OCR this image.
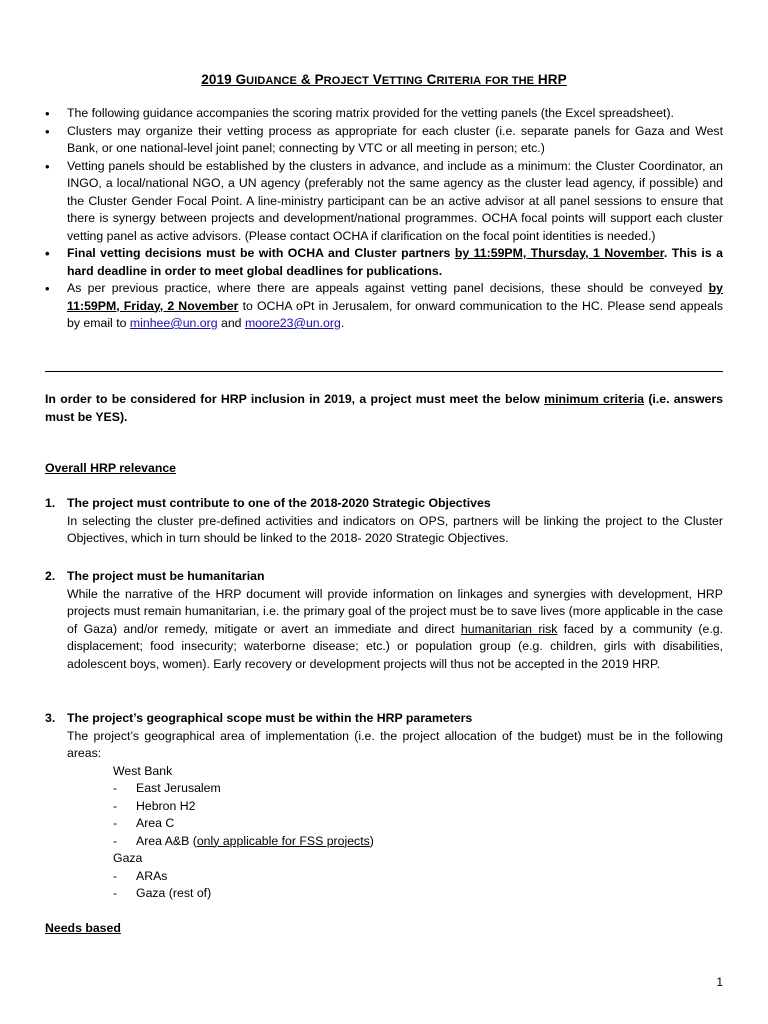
2019 GUIDANCE & PROJECT VETTING CRITERIA FOR THE HRP
• The following guidance accompanies the scoring matrix provided for the vetting panels (the Excel spreadsheet).
• Clusters may organize their vetting process as appropriate for each cluster (i.e. separate panels for Gaza and West Bank, or one national-level joint panel; connecting by VTC or all meeting in person; etc.)
• Vetting panels should be established by the clusters in advance, and include as a minimum: the Cluster Coordinator, an INGO, a local/national NGO, a UN agency (preferably not the same agency as the cluster lead agency, if possible) and the Cluster Gender Focal Point. A line-ministry participant can be an active advisor at all panel sessions to ensure that there is synergy between projects and development/national programmes. OCHA focal points will support each cluster vetting panel as active advisors. (Please contact OCHA if clarification on the focal point identities is needed.)
• Final vetting decisions must be with OCHA and Cluster partners by 11:59PM, Thursday, 1 November. This is a hard deadline in order to meet global deadlines for publications.
• As per previous practice, where there are appeals against vetting panel decisions, these should be conveyed by 11:59PM, Friday, 2 November to OCHA oPt in Jerusalem, for onward communication to the HC. Please send appeals by email to minhee@un.org and moore23@un.org.
In order to be considered for HRP inclusion in 2019, a project must meet the below minimum criteria (i.e. answers must be YES).
Overall HRP relevance
1. The project must contribute to one of the 2018-2020 Strategic Objectives
In selecting the cluster pre-defined activities and indicators on OPS, partners will be linking the project to the Cluster Objectives, which in turn should be linked to the 2018- 2020 Strategic Objectives.
2. The project must be humanitarian
While the narrative of the HRP document will provide information on linkages and synergies with development, HRP projects must remain humanitarian, i.e. the primary goal of the project must be to save lives (more applicable in the case of Gaza) and/or remedy, mitigate or avert an immediate and direct humanitarian risk faced by a community (e.g. displacement; food insecurity; waterborne disease; etc.) or population group (e.g. children, girls with disabilities, adolescent boys, women). Early recovery or development projects will thus not be accepted in the 2019 HRP.
3. The project’s geographical scope must be within the HRP parameters
The project’s geographical area of implementation (i.e. the project allocation of the budget) must be in the following areas:
West Bank
- East Jerusalem
- Hebron H2
- Area C
- Area A&B (only applicable for FSS projects)
Gaza
- ARAs
- Gaza (rest of)
Needs based
1
